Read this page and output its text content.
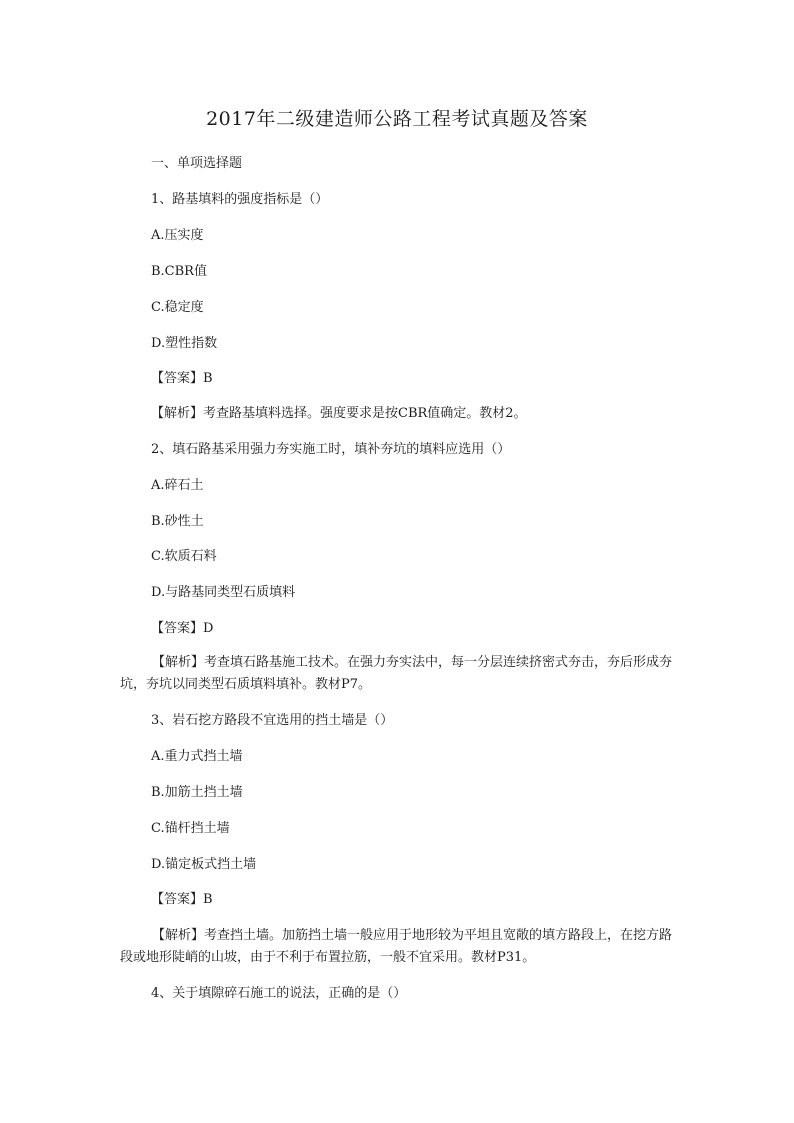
2017年二级建造师公路工程考试真题及答案
一、单项选择题
1、路基填料的强度指标是（）
A.压实度
B.CBR值
C.稳定度
D.塑性指数
【答案】B
【解析】考查路基填料选择。强度要求是按CBR值确定。教材2。
2、填石路基采用强力夯实施工时，填补夯坑的填料应选用（）
A.碎石土
B.砂性土
C.软质石料
D.与路基同类型石质填料
【答案】D
【解析】考查填石路基施工技术。在强力夯实法中，每一分层连续挤密式夯击，夯后形成夯坑，夯坑以同类型石质填料填补。教材P7。
3、岩石挖方路段不宜选用的挡土墙是（）
A.重力式挡土墙
B.加筋土挡土墙
C.锚杆挡土墙
D.锚定板式挡土墙
【答案】B
【解析】考查挡土墙。加筋挡土墙一般应用于地形较为平坦且宽敞的填方路段上，在挖方路段或地形陡峭的山坡，由于不利于布置拉筋，一般不宜采用。教材P31。
4、关于填隙碎石施工的说法，正确的是（）
